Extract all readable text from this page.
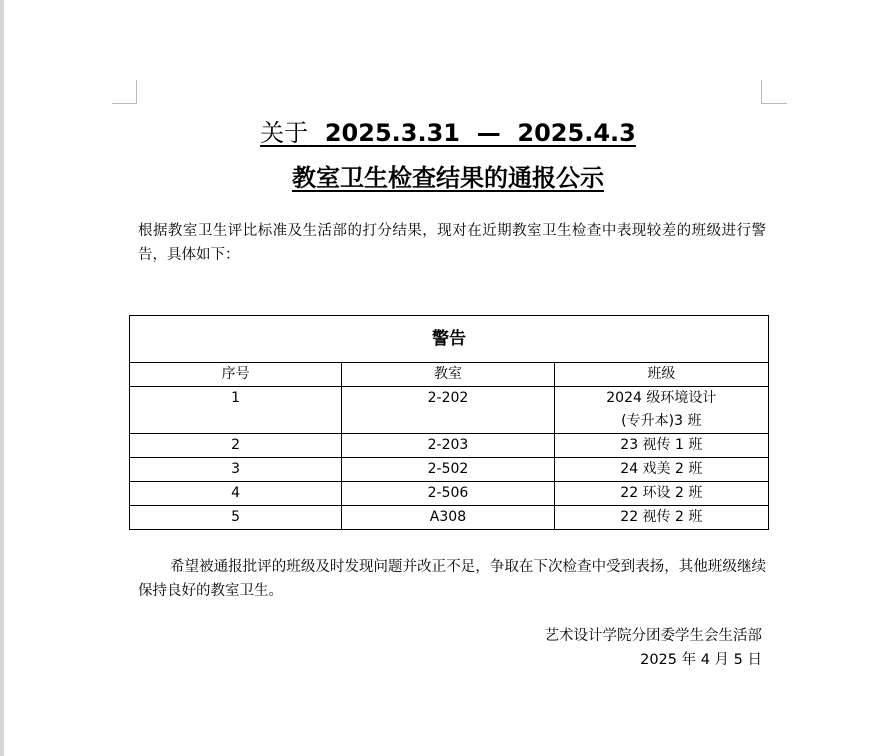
关于 2025.3.31  —  2025.4.3
教室卫生检查结果的通报公示
根据教室卫生评比标准及生活部的打分结果，现对在近期教室卫生检查中表现较差的班级进行警告，具体如下：
警告		
序号	教室	班级
1	2-202	2024 级环境设计
(专升本)3 班

2	2-203	23 视传 1 班
3	2-502	24 戏美 2 班
4	2-506	22 环设 2 班
5	A308	22 视传 2 班
希望被通报批评的班级及时发现问题并改正不足，争取在下次检查中受到表扬，其他班级继续保持良好的教室卫生。
艺术设计学院分团委学生会生活部
2025 年 4 月 5 日
